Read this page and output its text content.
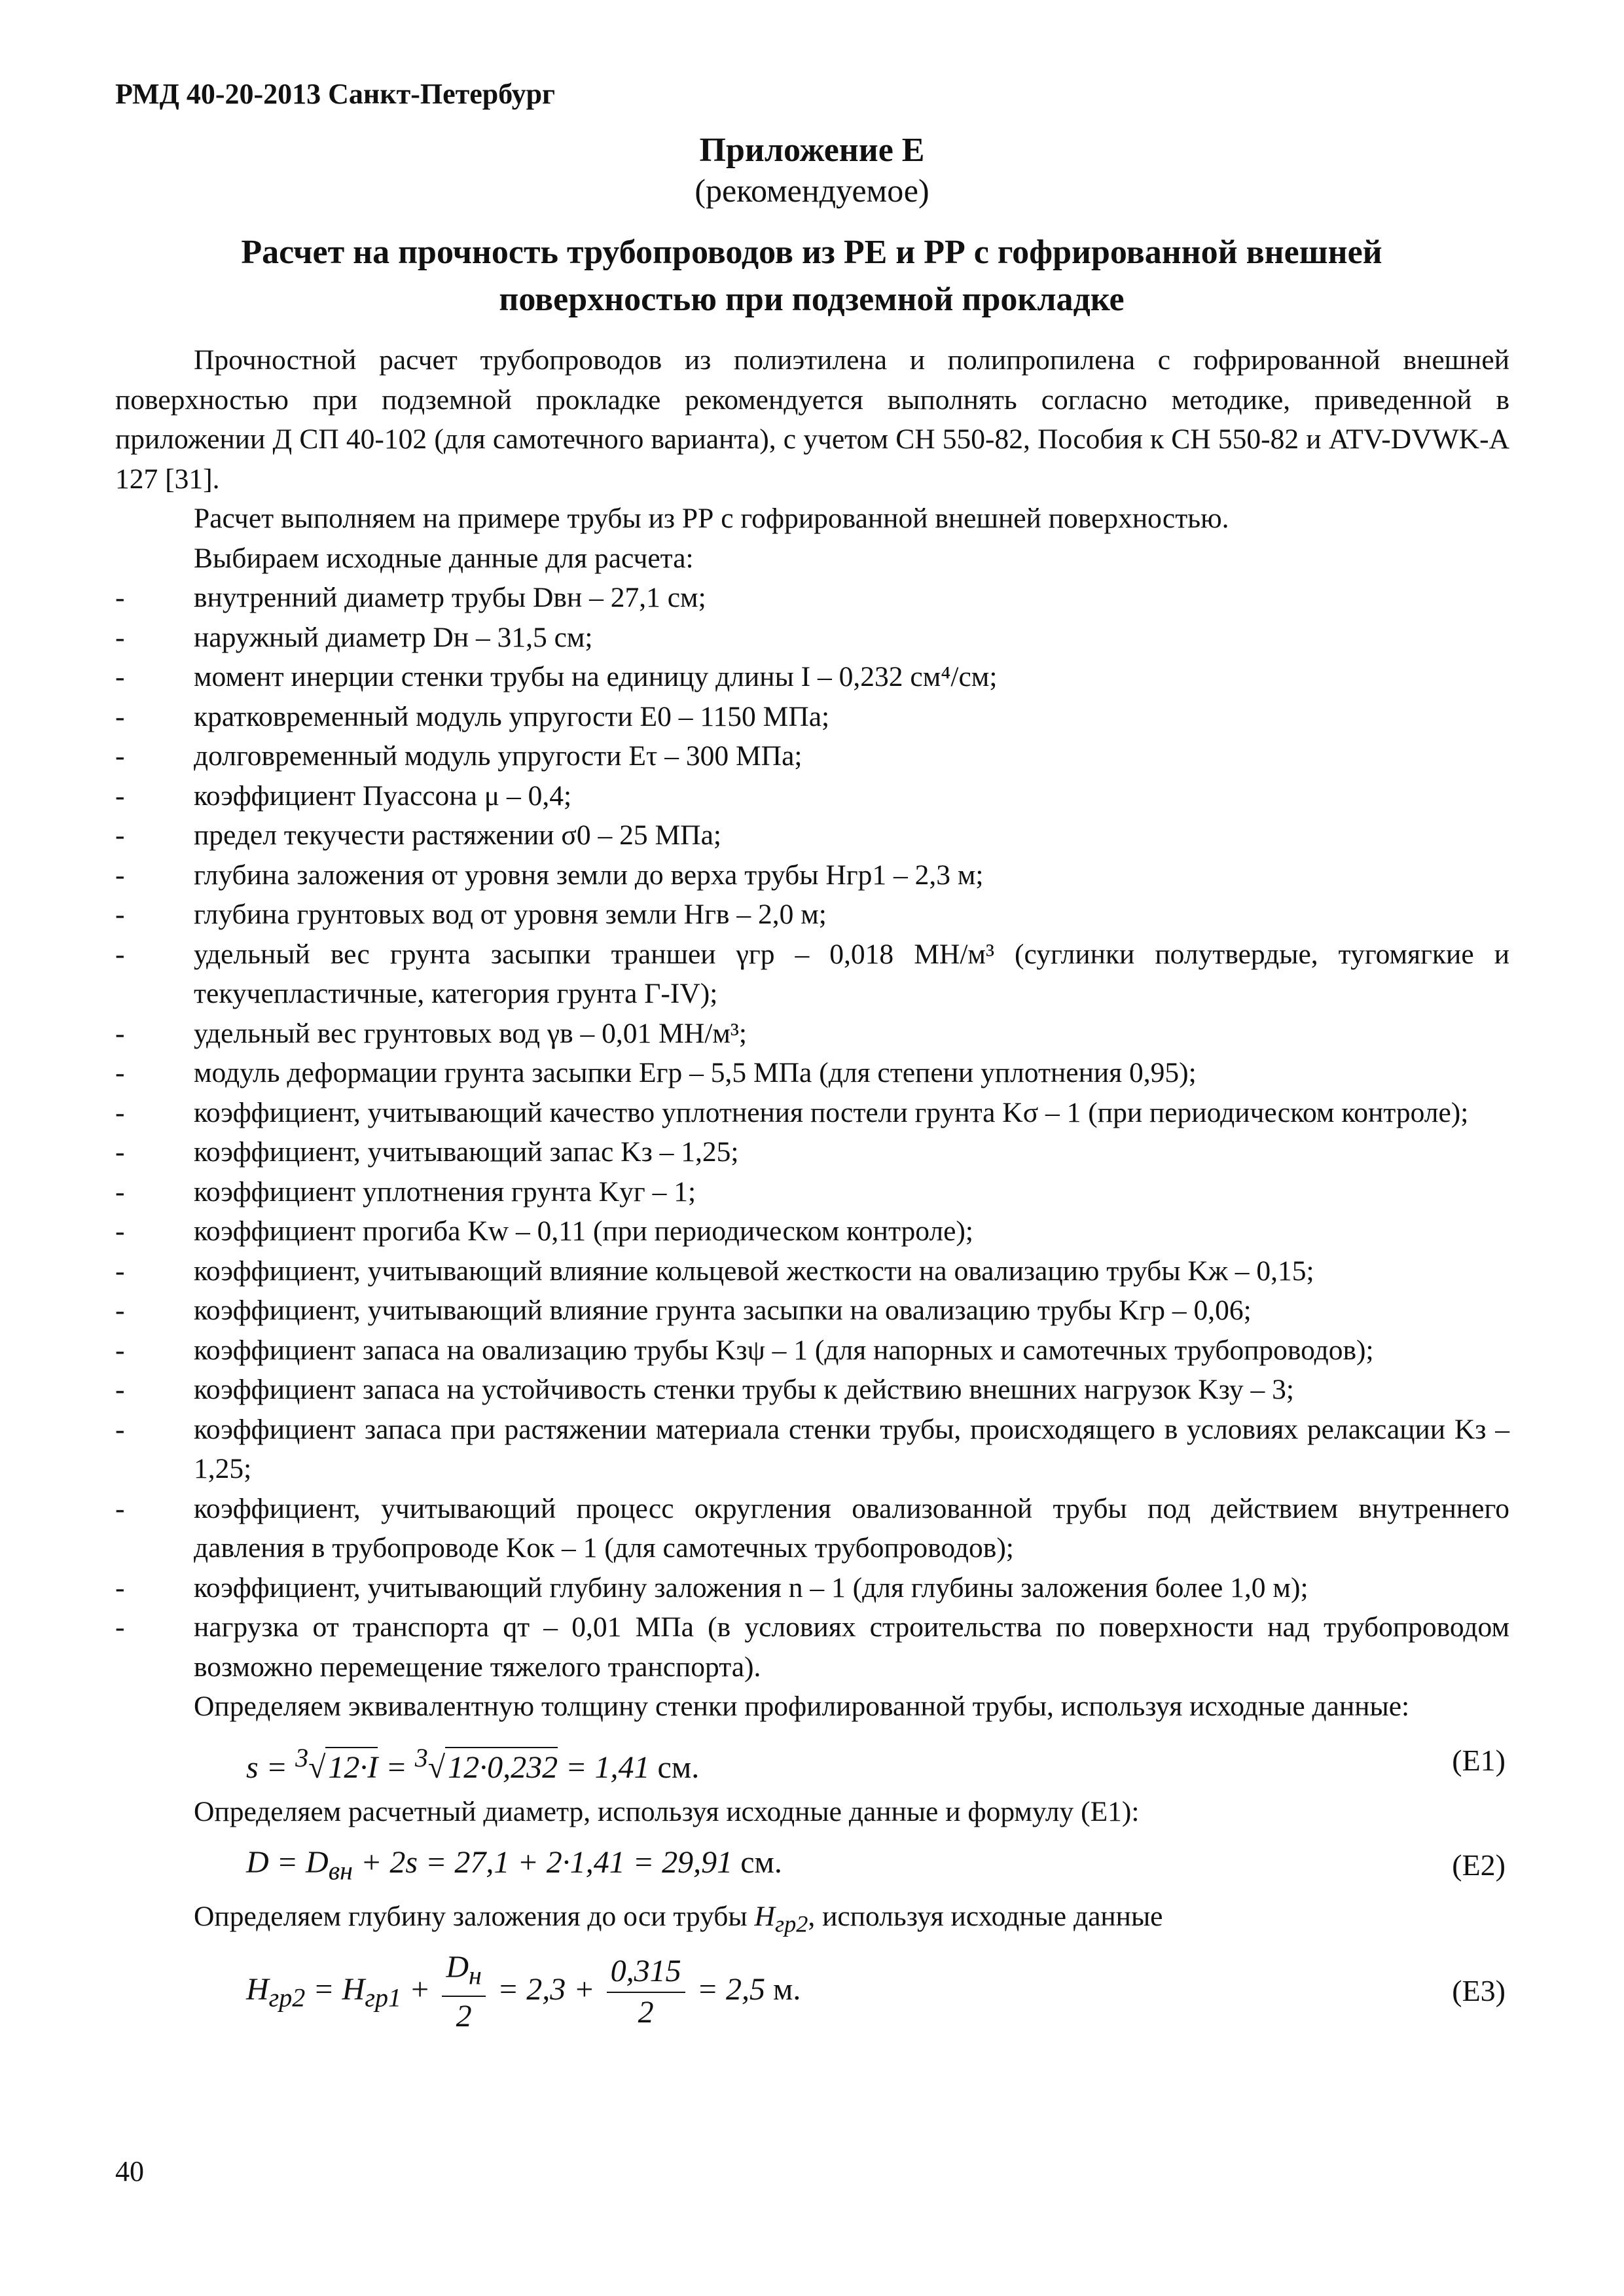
РМД 40-20-2013 Санкт-Петербург
Приложение Е
(рекомендуемое)
Расчет на прочность трубопроводов из РЕ и РР с гофрированной внешней поверхностью при подземной прокладке

Прочностной расчет трубопроводов из полиэтилена и полипропилена с гофрированной внешней поверхностью при подземной прокладке рекомендуется выполнять согласно методике, приведенной в приложении Д СП 40-102 (для самотечного варианта), с учетом СН 550-82, Пособия к СН 550-82 и ATV-DVWK-A 127 [31].

Расчет выполняем на примере трубы из РР с гофрированной внешней поверхностью.

Выбираем исходные данные для расчета:

- внутренний диаметр трубы Dвн – 27,1 см;
- наружный диаметр Dн – 31,5 см;
- момент инерции стенки трубы на единицу длины I – 0,232 см⁴/см;
- кратковременный модуль упругости E0 – 1150 МПа;
- долговременный модуль упругости Eτ – 300 МПа;
- коэффициент Пуассона μ – 0,4;
- предел текучести растяжении σ0 – 25 МПа;
- глубина заложения от уровня земли до верха трубы Hгр1 – 2,3 м;
- глубина грунтовых вод от уровня земли Hгв – 2,0 м;
- удельный вес грунта засыпки траншеи γгр – 0,018 МН/м³ (суглинки полутвердые, тугомягкие и текучепластичные, категория грунта Г-IV);
- удельный вес грунтовых вод γв – 0,01 МН/м³;
- модуль деформации грунта засыпки Eгр – 5,5 МПа (для степени уплотнения 0,95);
- коэффициент, учитывающий качество уплотнения постели грунта Kσ – 1 (при периодическом контроле);
- коэффициент, учитывающий запас Kз – 1,25;
- коэффициент уплотнения грунта Kуг – 1;
- коэффициент прогиба Kw – 0,11 (при периодическом контроле);
- коэффициент, учитывающий влияние кольцевой жесткости на овализацию трубы Kж – 0,15;
- коэффициент, учитывающий влияние грунта засыпки на овализацию трубы Kгр – 0,06;
- коэффициент запаса на овализацию трубы Kзψ – 1 (для напорных и самотечных трубопроводов);
- коэффициент запаса на устойчивость стенки трубы к действию внешних нагрузок Kзу – 3;
- коэффициент запаса при растяжении материала стенки трубы, происходящего в условиях релаксации Kз – 1,25;
- коэффициент, учитывающий процесс округления овализованной трубы под действием внутреннего давления в трубопроводе Kок – 1 (для самотечных трубопроводов);
- коэффициент, учитывающий глубину заложения n – 1 (для глубины заложения более 1,0 м);
- нагрузка от транспорта qт – 0,01 МПа (в условиях строительства по поверхности над трубопроводом возможно перемещение тяжелого транспорта).

Определяем эквивалентную толщину стенки профилированной трубы, используя исходные данные:

s = $^3$√12·I = $^3$√12·0,232 = 1,41 см.	(Е1)

Определяем расчетный диаметр, используя исходные данные и формулу (Е1):

$D = D_{вн} + 2s = 27,1 + 2\cdot 1,41 = 29,91$ см.	(Е2)

Определяем глубину заложения до оси трубы $H_{гр2}$, используя исходные данные

$H_{гр2} = H_{гр1} + \frac{D_н}{2} = 2,3 + \frac{0,315}{2} = 2,5$ м.	(Е3)
40
